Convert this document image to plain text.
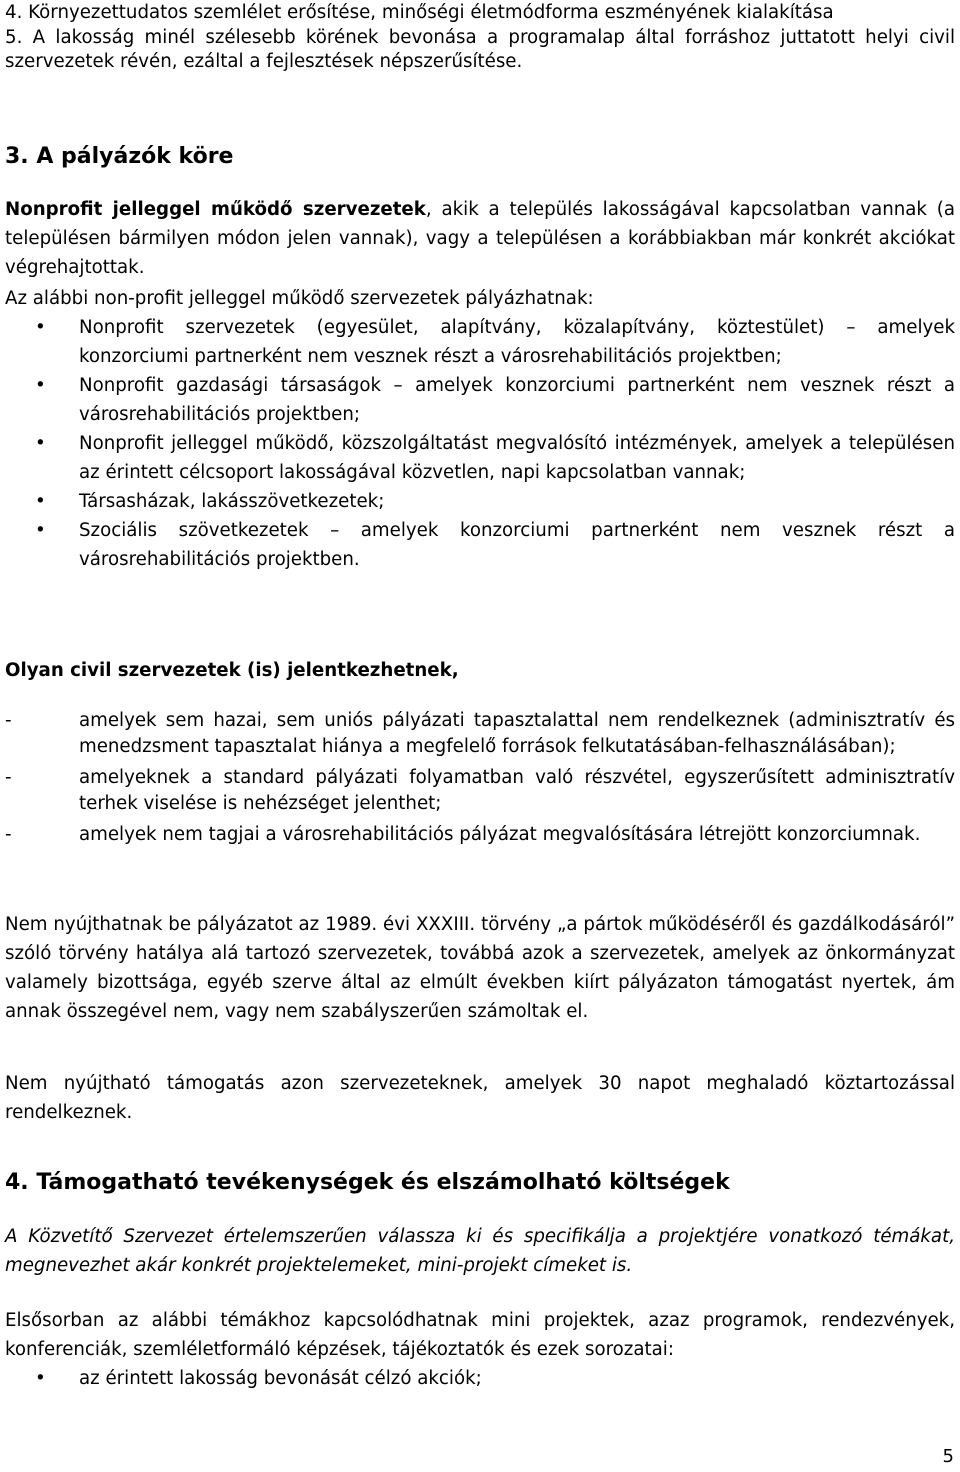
4. Környezettudatos szemlélet erősítése, minőségi életmódforma eszményének kialakítása
5. A lakosság minél szélesebb körének bevonása a programalap által forráshoz juttatott helyi civil szervezetek révén, ezáltal a fejlesztések népszerűsítése.
3. A pályázók köre

Nonprofit jelleggel működő szervezetek, akik a település lakosságával kapcsolatban vannak (a településen bármilyen módon jelen vannak), vagy a településen a korábbiakban már konkrét akciókat végrehajtottak.

Az alábbi non-profit jelleggel működő szervezetek pályázhatnak:

• Nonprofit szervezetek (egyesület, alapítvány, közalapítvány, köztestület) – amelyek konzorciumi partnerként nem vesznek részt a városrehabilitációs projektben;
• Nonprofit gazdasági társaságok – amelyek konzorciumi partnerként nem vesznek részt a városrehabilitációs projektben;
• Nonprofit jelleggel működő, közszolgáltatást megvalósító intézmények, amelyek a településen az érintett célcsoport lakosságával közvetlen, napi kapcsolatban vannak;
• Társasházak, lakásszövetkezetek;
• Szociális szövetkezetek – amelyek konzorciumi partnerként nem vesznek részt a városrehabilitációs projektben.

Olyan civil szervezetek (is) jelentkezhetnek,

-	amelyek sem hazai, sem uniós pályázati tapasztalattal nem rendelkeznek (adminisztratív és menedzsment tapasztalat hiánya a megfelelő források felkutatásában-felhasználásában);
-	amelyeknek a standard pályázati folyamatban való részvétel, egyszerűsített adminisztratív terhek viselése is nehézséget jelenthet;
-	amelyek nem tagjai a városrehabilitációs pályázat megvalósítására létrejött konzorciumnak.

Nem nyújthatnak be pályázatot az 1989. évi XXXIII. törvény „a pártok működéséről és gazdálkodásáról” szóló törvény hatálya alá tartozó szervezetek, továbbá azok a szervezetek, amelyek az önkormányzat valamely bizottsága, egyéb szerve által az elmúlt években kiírt pályázaton támogatást nyertek, ám annak összegével nem, vagy nem szabályszerűen számoltak el.

Nem nyújtható támogatás azon szervezeteknek, amelyek 30 napot meghaladó köztartozással rendelkeznek.

4. Támogatható tevékenységek és elszámolható költségek

A Közvetítő Szervezet értelemszerűen válassza ki és specifikálja a projektjére vonatkozó témákat, megnevezhet akár konkrét projektelemeket, mini-projekt címeket is.

Elsősorban az alábbi témákhoz kapcsolódhatnak mini projektek, azaz programok, rendezvények, konferenciák, szemléletformáló képzések, tájékoztatók és ezek sorozatai:

• az érintett lakosság bevonását célzó akciók;
5
